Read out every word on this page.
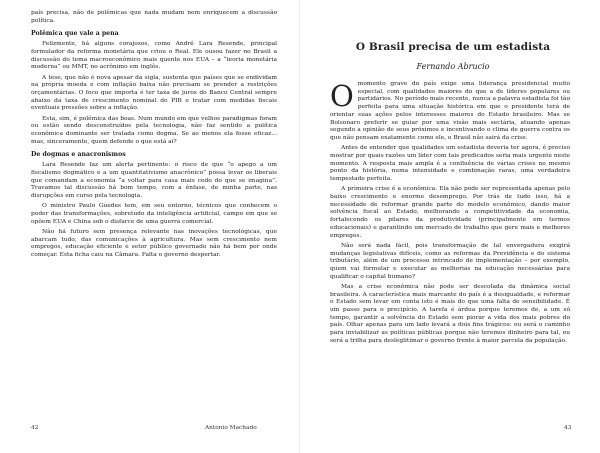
país precisa, não de polêmicas que nada mudam nem enriquecem a discussão política.

Polêmica que vale a pena

Felizmente, há alguns corajosos, como André Lara Resende, principal formulador da reforma monetária que criou o Real. Ele ousou fazer no Brasil a discussão do tema macroeconômico mais quente nos EUA – a “teoria monetária moderna” ou MMT, no acrônimo em inglês.

A tese, que não é nova apesar da sigla, sustenta que países que se endividam na própria moeda e com inflação baixa não precisam se prender a restrições orçamentárias. O foco que importa é ter taxa de juros do Banco Central sempre abaixo da taxa de crescimento nominal do PIB e tratar com medidas fiscais eventuais pressões sobre a inflação.

Esta, sim, é polêmica das boas. Num mundo em que velhos paradigmas foram ou estão sendo desconstruídos pela tecnologia, não faz sentido a política econômica dominante ser tratada como dogma. Se ao menos ela fosse eficaz... mas, sinceramente, quem defende o que está aí?

De dogmas e anacronismos

Lara Resende faz um alerta pertinente: o risco de que “o apego a um fiscalismo dogmático e a um quantitativismo anacrônico” possa levar os liberais que comandam a economia “a voltar para casa mais cedo do que se imagina”. Travamos tal discussão há bom tempo, com a ênfase, de minha parte, nas disrupções em curso pela tecnologia.

O ministro Paulo Guedes tem, em seu entorno, técnicos que conhecem o poder das transformações, sobretudo da inteligência artificial, campo em que se opõem EUA e China sob o disfarce de uma guerra comercial.

Não há futuro sem presença relevante nas inovações tecnológicas, que abarcam tudo, das comunicações à agricultura. Mas sem crescimento nem empregos, educação eficiente e setor público governado não há bem por onde começar. Esta ficha caiu na Câmara. Falta o governo despertar.

42	Antonio Machado
O Brasil precisa de um estadista
Fernando Abrucio

Omomento grave do país exige uma liderança presidencial muito especial, com qualidades maiores do que a de líderes populares ou partidários. No período mais recente, nunca a palavra estadista foi tão perfeita para uma situação histórica em que o presidente terá de orientar suas ações pelos interesses maiores do Estado brasileiro. Mas se Bolsonaro preferir se guiar por uma visão mais sectária, atuando apenas segundo a opinião de seus próximos e incentivando o clima de guerra contra os que não pensam exatamente como ele, o Brasil não sairá da crise.

Antes de entender que qualidades um estadista deveria ter agora, é preciso mostrar por quais razões um líder com tais predicados seria mais urgente neste momento. A resposta mais ampla é a confluência de várias crises no mesmo ponto da história, numa intensidade e combinação raras, uma verdadeira tempestade perfeita.

A primeira crise é a econômica. Ela não pode ser representada apenas pelo baixo crescimento e enorme desemprego. Por trás de tudo isso, há a necessidade de reformar grande parte do modelo econômico, dando maior solvência fiscal ao Estado, melhorando a competitividade da economia, fortalecendo os pilares da produtividade (principalmente em termos educacionais) e garantindo um mercado de trabalho que gere mais e melhores empregos.

Não será nada fácil, pois transformação de tal envergadura exigirá mudanças legislativas difíceis, como as reformas da Previdência e do sistema tributário, além de um processo intrincado de implementação – por exemplo, quem vai formular e executar as melhorias na educação necessárias para qualificar o capital humano?

Mas a crise econômica não pode ser descolada da dinâmica social brasileira. A característica mais marcante do país é a desigualdade, e reformar o Estado sem levar em conta isto é mais do que uma falta de sensibilidade. É um passo para o precipício. A tarefa é árdua porque teremos de, a um só tempo, garantir a solvência do Estado sem piorar a vida dos mais pobres do país. Olhar apenas para um lado levará a dois fins trágicos: ou será o caminho para inviabilizar as políticas públicas porque não teremos dinheiro para tal, ou será a trilha para desleglitimar o governo frente à maior parcela da população.

43
